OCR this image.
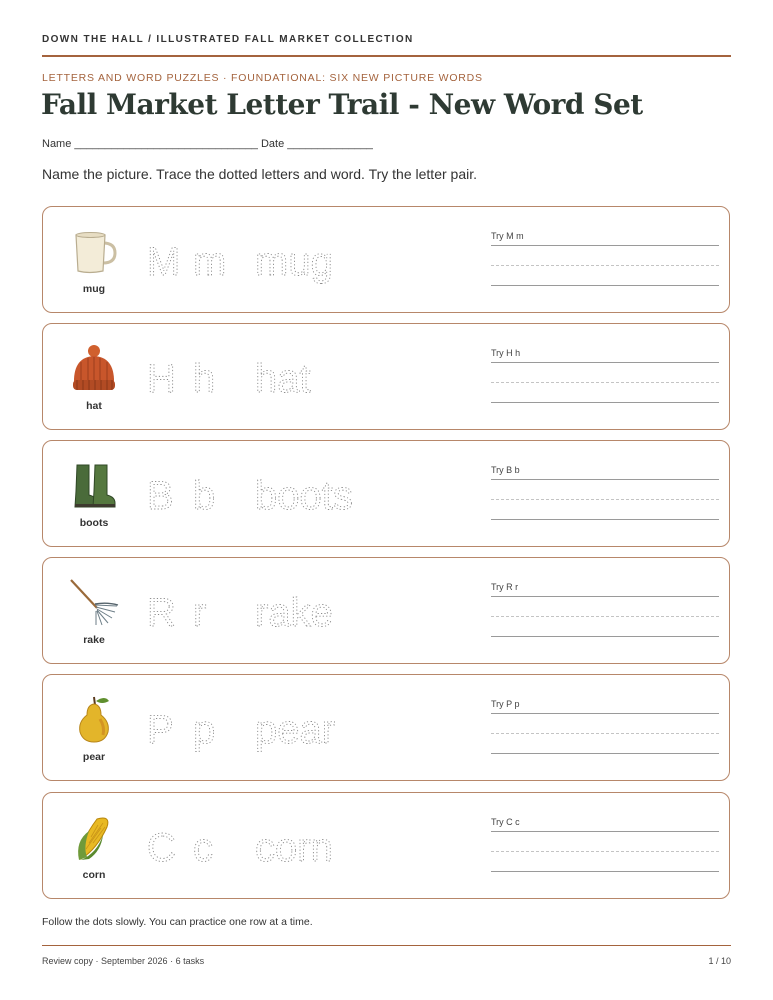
DOWN THE HALL / ILLUSTRATED FALL MARKET COLLECTION
LETTERS AND WORD PUZZLES · FOUNDATIONAL: SIX NEW PICTURE WORDS
Fall Market Letter Trail - New Word Set
Name ______________________________ Date ______________
Name the picture. Trace the dotted letters and word. Try the letter pair.
mug
M m mug
Try M m
hat
H h hat
Try H h
boots
B b boots
Try B b
rake
R r rake
Try R r
pear
P p pear
Try P p
corn
C c corn
Try C c
Follow the dots slowly. You can practice one row at a time.
Review copy · September 2026 · 6 tasks	1 / 10
